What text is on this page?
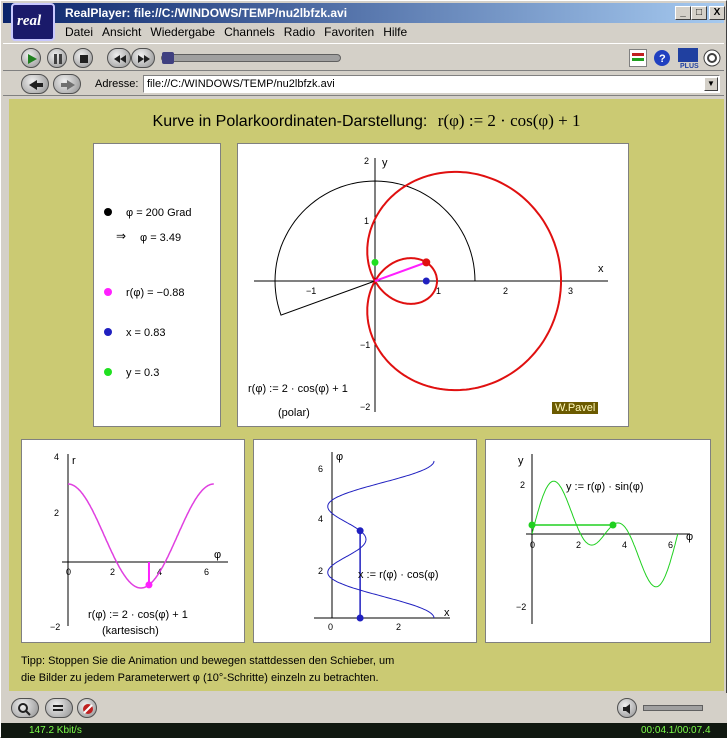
RealPlayer: file://C:/WINDOWS/TEMP/nu2lbfzk.avi	_	□	X
real
Datei Ansicht Wiedergabe Channels Radio Favoriten Hilfe
?
PLUS
Adresse: file://C:/WINDOWS/TEMP/nu2lbfzk.avi	▼
Kurve in Polarkoordinaten-Darstellung: r(φ) := 2 · cos(φ) + 1
φ = 200 Grad
⇒ φ = 3.49
r(φ) = −0.88
x = 0.83
y = 0.3
x
y
−1	1	2	3
2
1
−1
−2
r(φ) := 2 · cos(φ) + 1
(polar)	W.Pavel
φ
r
0	2	4	6
4
2
−2
r(φ) := 2 · cos(φ) + 1
(kartesisch)
x
φ
0	2
6
4
2	x := r(φ) · cos(φ)
φ
y
0	2	4	6
2
−2
y := r(φ) · sin(φ)
Tipp: Stoppen Sie die Animation und bewegen stattdessen den Schieber, um
die Bilder zu jedem Parameterwert φ (10°-Schritte) einzeln zu betrachten.
147.2 Kbit/s	00:04.1/00:07.4
